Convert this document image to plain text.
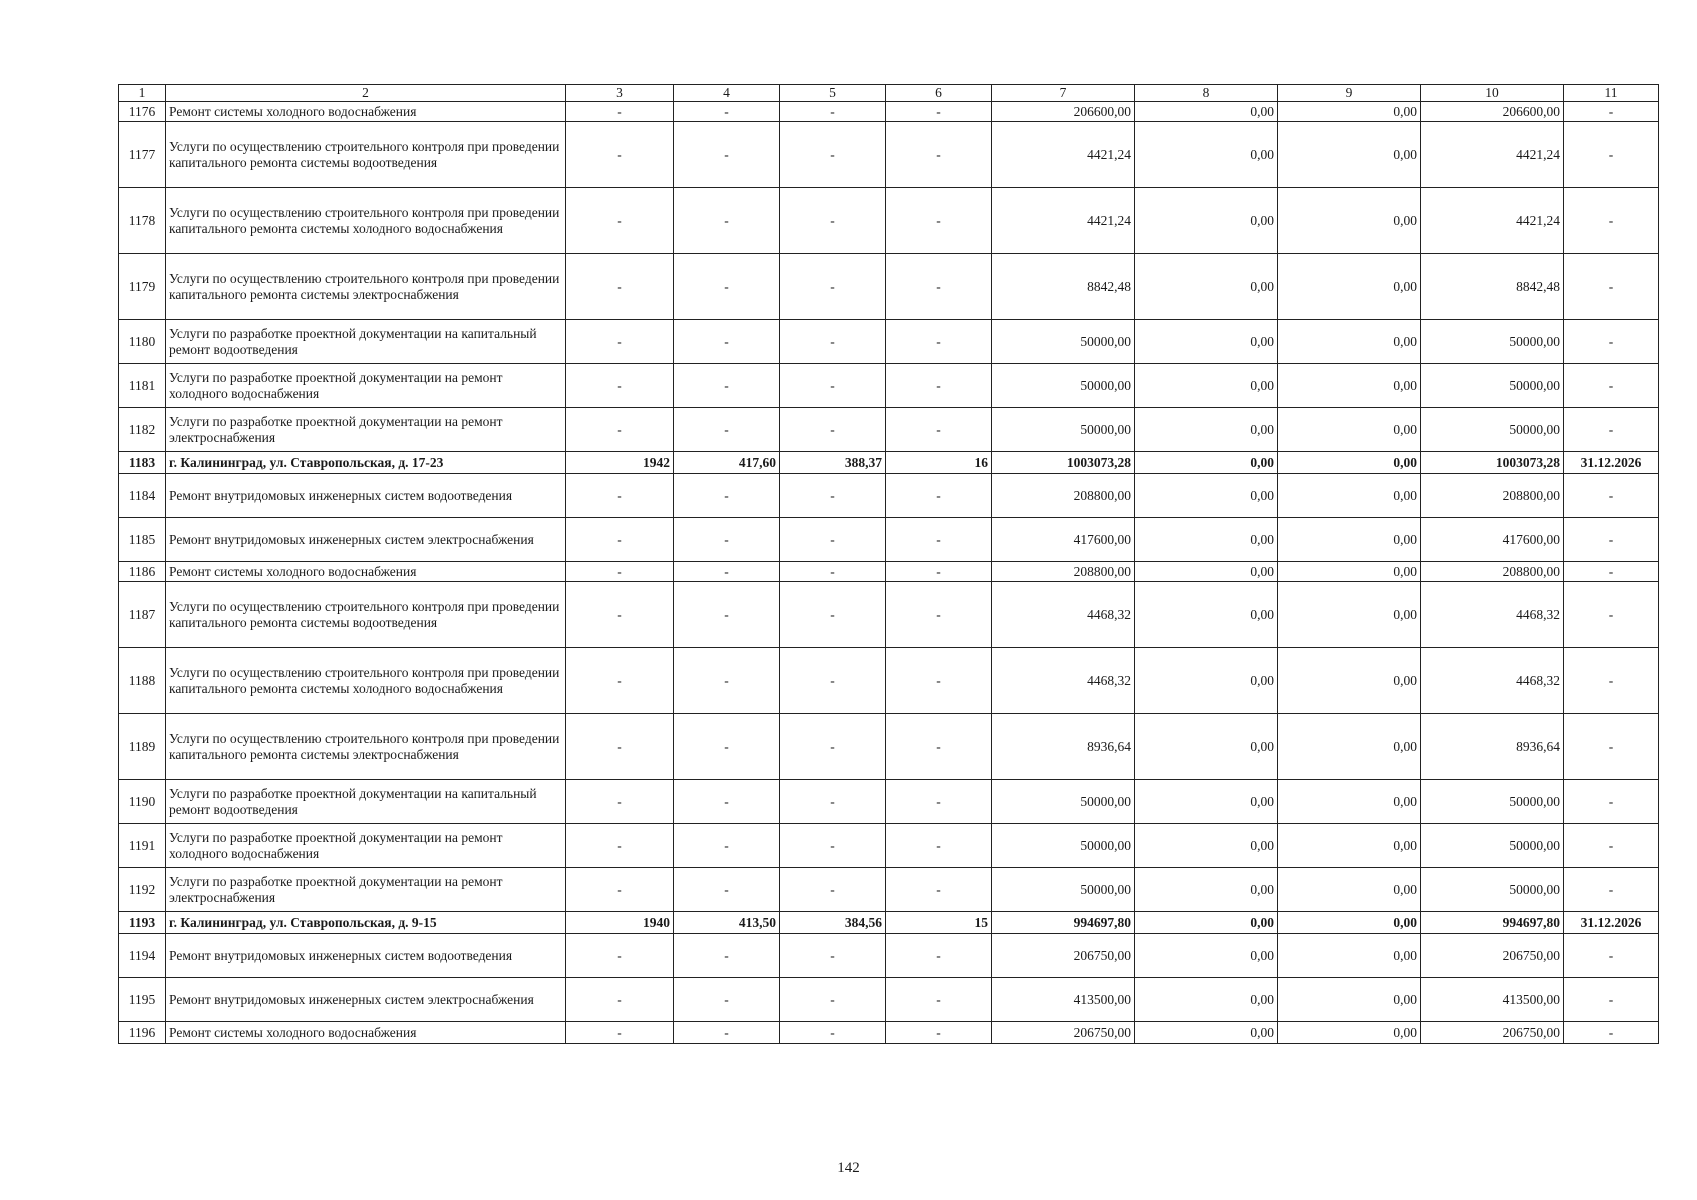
1	2	3	4	5	6	7	8	9	10	11
1176	Ремонт системы холодного водоснабжения	-	-	-	-	206600,00	0,00	0,00	206600,00	-
1177	Услуги по осуществлению строительного контроля при проведении капитального ремонта системы водоотведения	-	-	-	-	4421,24	0,00	0,00	4421,24	-
1178	Услуги по осуществлению строительного контроля при проведении капитального ремонта системы холодного водоснабжения	-	-	-	-	4421,24	0,00	0,00	4421,24	-
1179	Услуги по осуществлению строительного контроля при проведении капитального ремонта системы электроснабжения	-	-	-	-	8842,48	0,00	0,00	8842,48	-
1180	Услуги по разработке проектной документации на капитальный ремонт водоотведения	-	-	-	-	50000,00	0,00	0,00	50000,00	-
1181	Услуги по разработке проектной документации на ремонт холодного водоснабжения	-	-	-	-	50000,00	0,00	0,00	50000,00	-
1182	Услуги по разработке проектной документации на ремонт электроснабжения	-	-	-	-	50000,00	0,00	0,00	50000,00	-
1183	г. Калининград, ул. Ставропольская, д. 17-23	1942	417,60	388,37	16	1003073,28	0,00	0,00	1003073,28	31.12.2026
1184	Ремонт внутридомовых инженерных систем водоотведения	-	-	-	-	208800,00	0,00	0,00	208800,00	-
1185	Ремонт внутридомовых инженерных систем электроснабжения	-	-	-	-	417600,00	0,00	0,00	417600,00	-
1186	Ремонт системы холодного водоснабжения	-	-	-	-	208800,00	0,00	0,00	208800,00	-
1187	Услуги по осуществлению строительного контроля при проведении капитального ремонта системы водоотведения	-	-	-	-	4468,32	0,00	0,00	4468,32	-
1188	Услуги по осуществлению строительного контроля при проведении капитального ремонта системы холодного водоснабжения	-	-	-	-	4468,32	0,00	0,00	4468,32	-
1189	Услуги по осуществлению строительного контроля при проведении капитального ремонта системы электроснабжения	-	-	-	-	8936,64	0,00	0,00	8936,64	-
1190	Услуги по разработке проектной документации на капитальный ремонт водоотведения	-	-	-	-	50000,00	0,00	0,00	50000,00	-
1191	Услуги по разработке проектной документации на ремонт холодного водоснабжения	-	-	-	-	50000,00	0,00	0,00	50000,00	-
1192	Услуги по разработке проектной документации на ремонт электроснабжения	-	-	-	-	50000,00	0,00	0,00	50000,00	-
1193	г. Калининград, ул. Ставропольская, д. 9-15	1940	413,50	384,56	15	994697,80	0,00	0,00	994697,80	31.12.2026
1194	Ремонт внутридомовых инженерных систем водоотведения	-	-	-	-	206750,00	0,00	0,00	206750,00	-
1195	Ремонт внутридомовых инженерных систем электроснабжения	-	-	-	-	413500,00	0,00	0,00	413500,00	-
1196	Ремонт системы холодного водоснабжения	-	-	-	-	206750,00	0,00	0,00	206750,00	-
142
